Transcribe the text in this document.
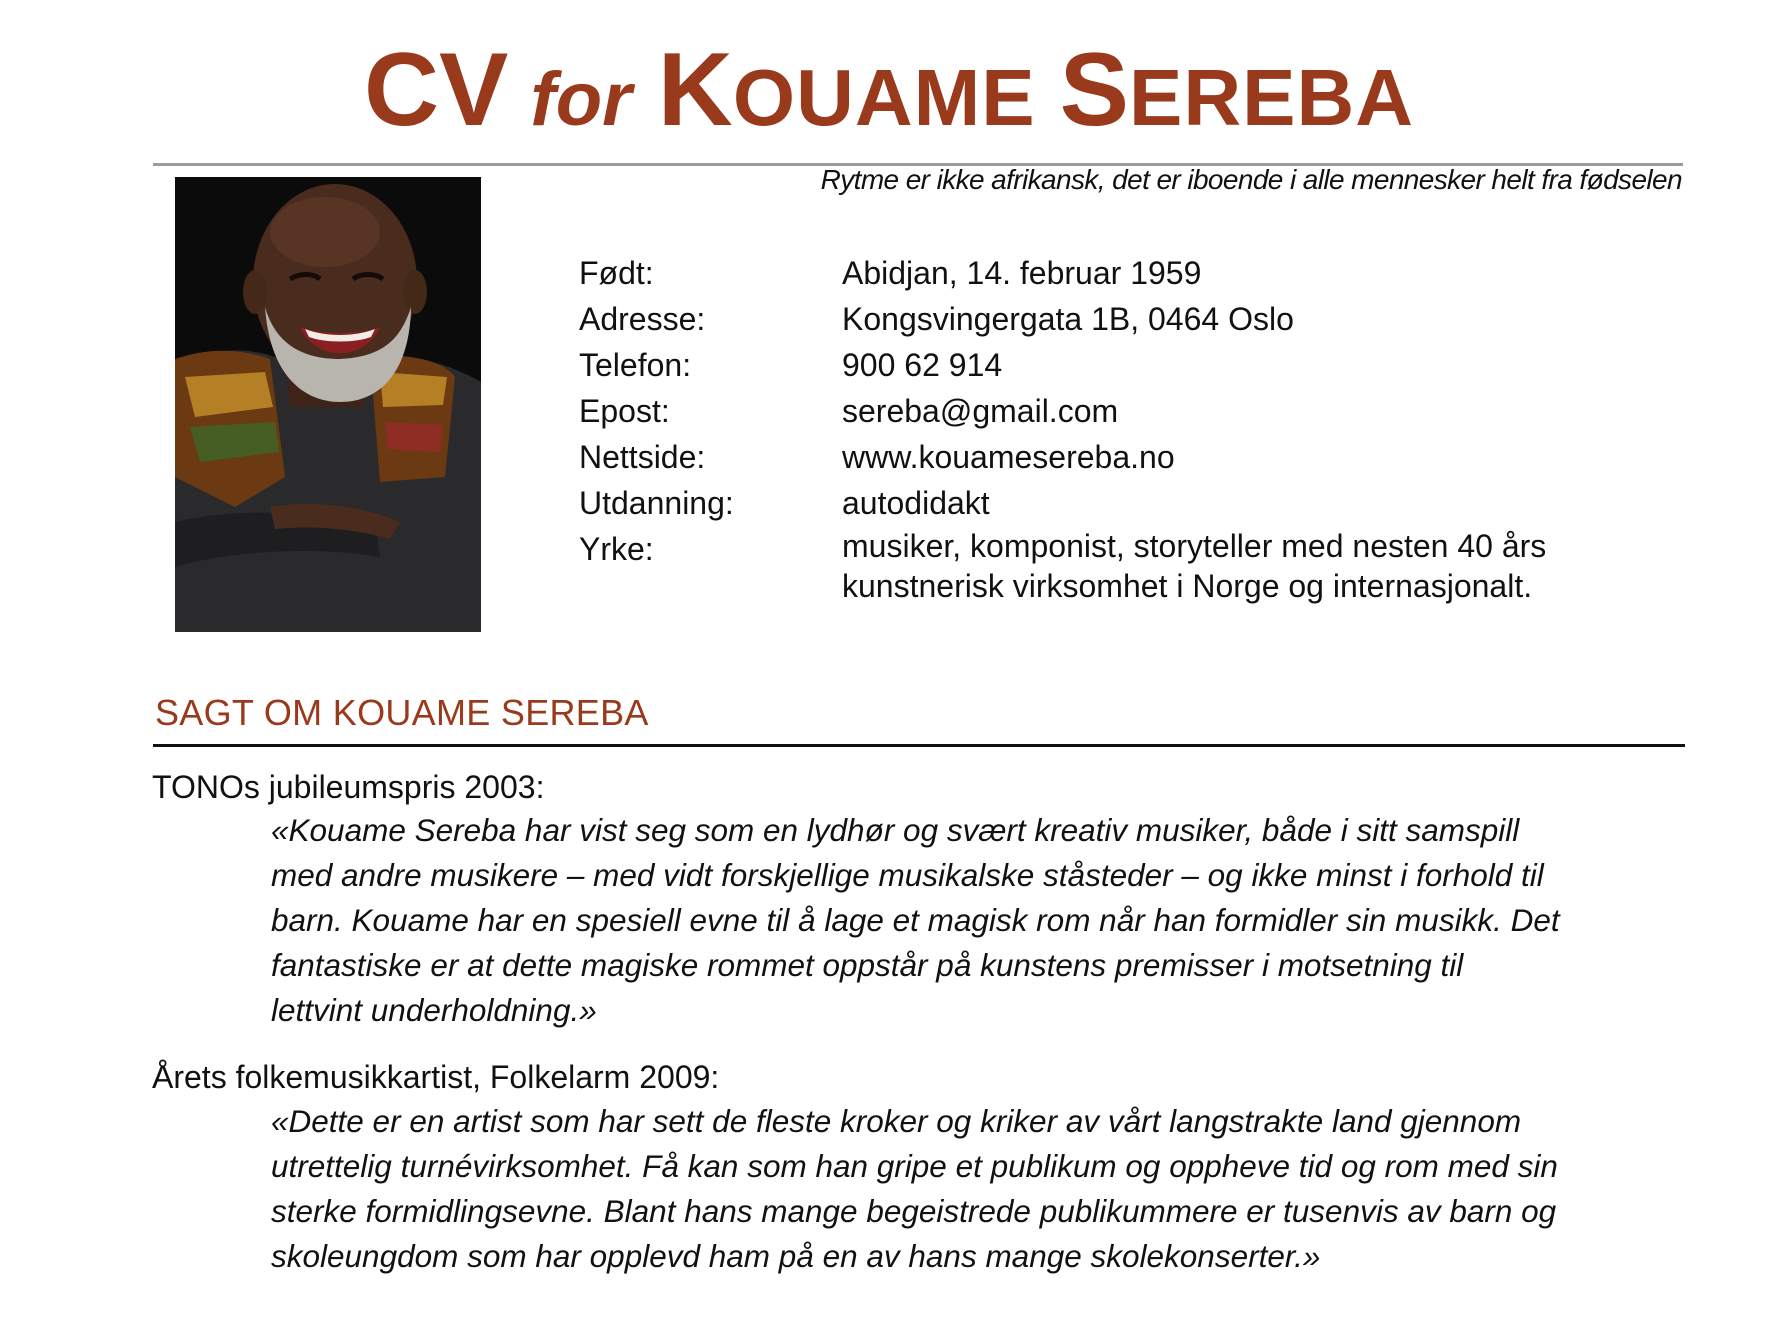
CV for KOUAME SEREBA
Rytme er ikke afrikansk, det er iboende i alle mennesker helt fra fødselen
Født:	Abidjan, 14. februar 1959
Adresse:	Kongsvingergata 1B, 0464 Oslo
Telefon:	900 62 914
Epost:	sereba@gmail.com
Nettside:	www.kouamesereba.no
Utdanning:	autodidakt
Yrke:	musiker, komponist, storyteller med nesten 40 års kunstnerisk virksomhet i Norge og internasjonalt.
SAGT OM KOUAME SEREBA
TONOs jubileumspris 2003:
«Kouame Sereba har vist seg som en lydhør og svært kreativ musiker, både i sitt samspill med andre musikere – med vidt forskjellige musikalske ståsteder – og ikke minst i forhold til barn. Kouame har en spesiell evne til å lage et magisk rom når han formidler sin musikk. Det fantastiske er at dette magiske rommet oppstår på kunstens premisser i motsetning til lettvint underholdning.»
Årets folkemusikkartist, Folkelarm 2009:
«Dette er en artist som har sett de fleste kroker og kriker av vårt langstrakte land gjennom utrettelig turnévirksomhet. Få kan som han gripe et publikum og oppheve tid og rom med sin sterke formidlingsevne. Blant hans mange begeistrede publikummere er tusenvis av barn og skoleungdom som har opplevd ham på en av hans mange skolekonserter.»
